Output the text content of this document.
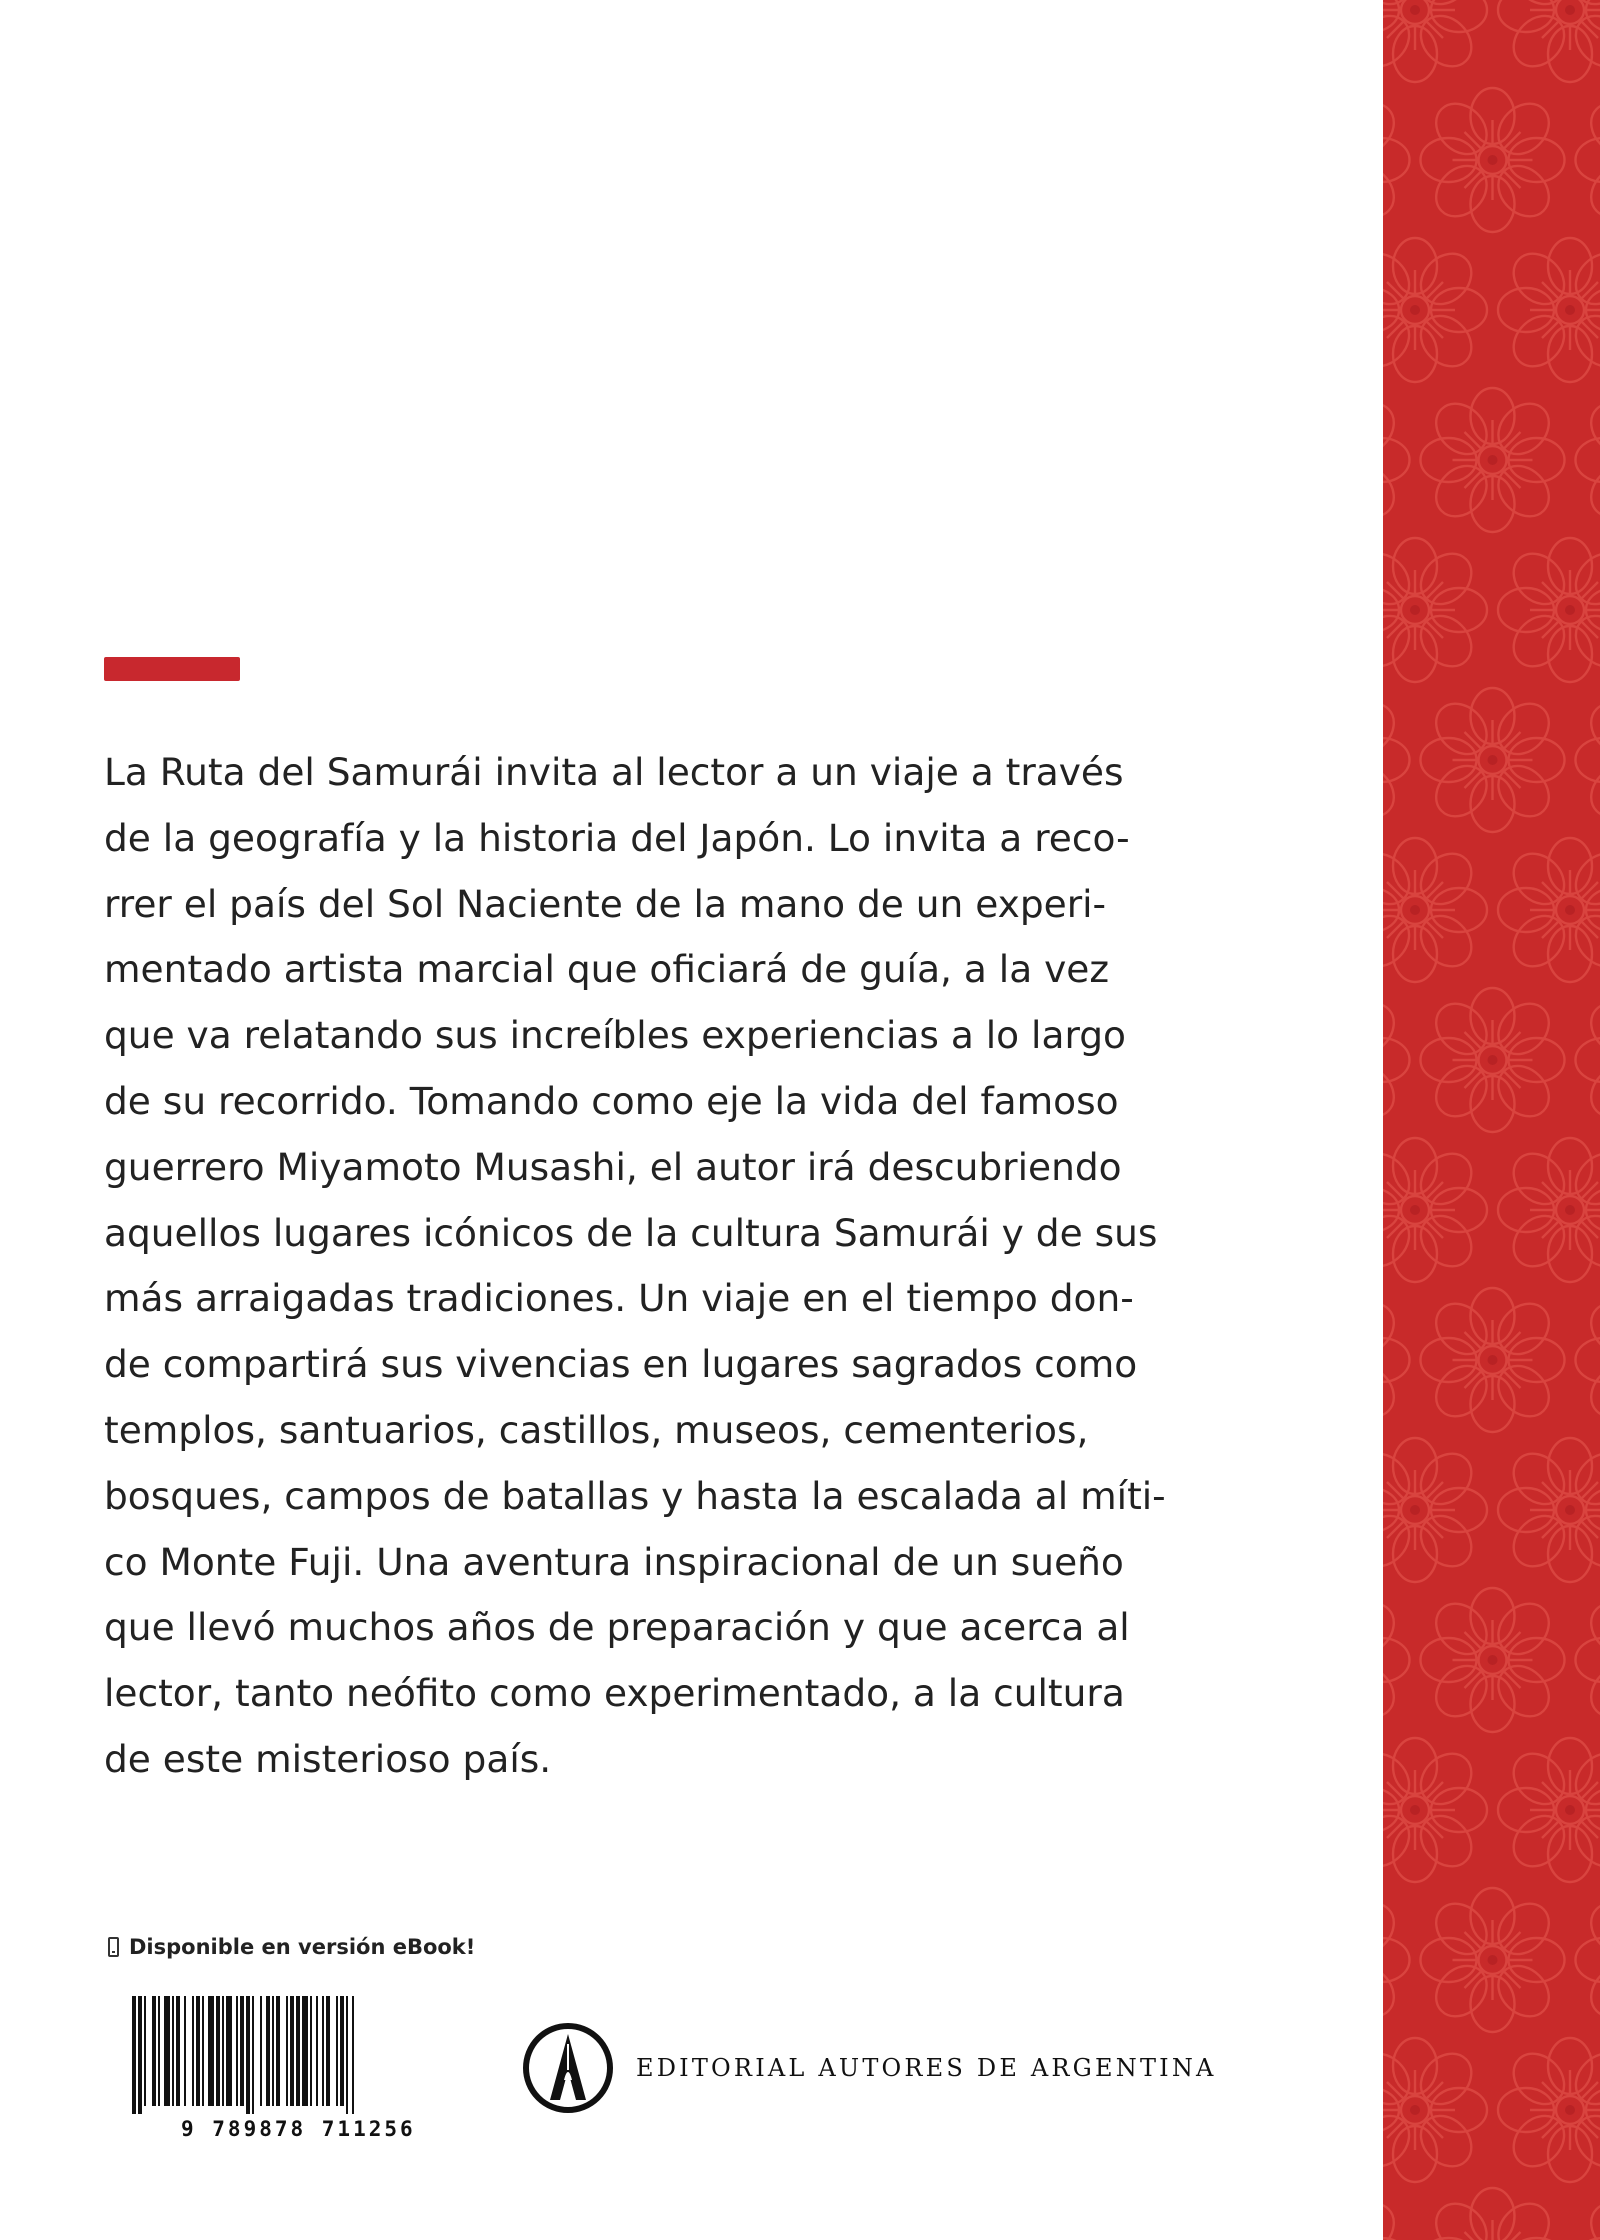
La Ruta del Samurái invita al lector a un viaje a través
de la geografía y la historia del Japón. Lo invita a reco-
rrer el país del Sol Naciente de la mano de un experi-
mentado artista marcial que oficiará de guía, a la vez
que va relatando sus increíbles experiencias a lo largo
de su recorrido. Tomando como eje la vida del famoso
guerrero Miyamoto Musashi, el autor irá descubriendo
aquellos lugares icónicos de la cultura Samurái y de sus
más arraigadas tradiciones. Un viaje en el tiempo don-
de compartirá sus vivencias en lugares sagrados como
templos, santuarios, castillos, museos, cementerios,
bosques, campos de batallas y hasta la escalada al míti-
co Monte Fuji. Una aventura inspiracional de un sueño
que llevó muchos años de preparación y que acerca al
lector, tanto neófito como experimentado, a la cultura
de este misterioso país.

Disponible en versión eBook!
9 789878 711256
EDITORIAL AUTORES DE ARGENTINA
